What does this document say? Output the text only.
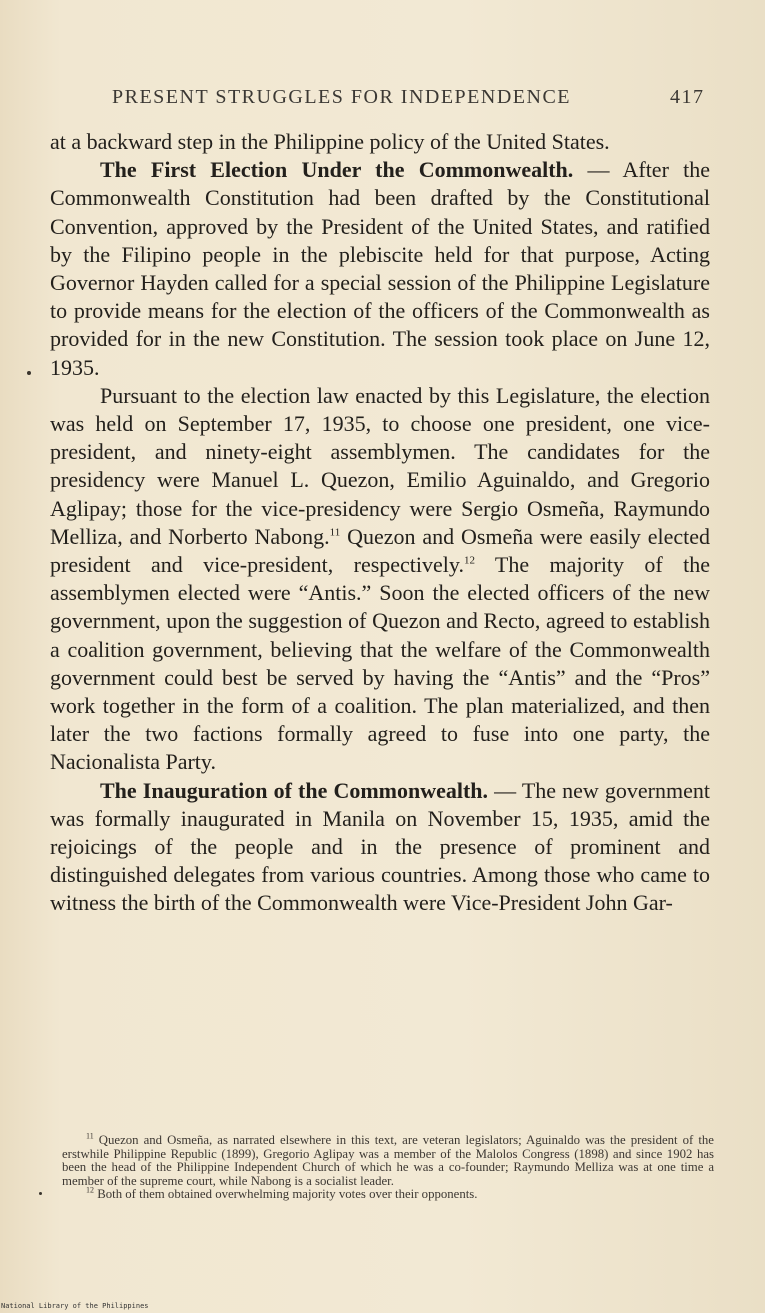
PRESENT STRUGGLES FOR INDEPENDENCE	417

at a backward step in the Philippine policy of the United States.

The First Election Under the Commonwealth. — After the Commonwealth Constitution had been drafted by the Constitutional Convention, approved by the President of the United States, and ratified by the Filipino people in the plebiscite held for that purpose, Acting Governor Hayden called for a special session of the Philippine Legislature to provide means for the election of the officers of the Commonwealth as provided for in the new Constitution. The session took place on June 12, 1935.

Pursuant to the election law enacted by this Legislature, the election was held on September 17, 1935, to choose one president, one vice-president, and ninety-eight assemblymen. The candidates for the presidency were Manuel L. Quezon, Emilio Aguinaldo, and Gregorio Aglipay; those for the vice-presidency were Sergio Osmeña, Raymundo Melliza, and Norberto Nabong.$^{11}$ Quezon and Osmeña were easily elected president and vice-president, respectively.$^{12}$ The majority of the assemblymen elected were “Antis.” Soon the elected officers of the new government, upon the suggestion of Quezon and Recto, agreed to establish a coalition government, believing that the welfare of the Commonwealth government could best be served by having the “Antis” and the “Pros” work together in the form of a coalition. The plan materialized, and then later the two factions formally agreed to fuse into one party, the Nacionalista Party.

The Inauguration of the Commonwealth. — The new government was formally inaugurated in Manila on November 15, 1935, amid the rejoicings of the people and in the presence of prominent and distinguished delegates from various countries. Among those who came to witness the birth of the Commonwealth were Vice-President John Gar-

$^{11}$ Quezon and Osmeña, as narrated elsewhere in this text, are veteran legislators; Aguinaldo was the president of the erstwhile Philippine Republic (1899), Gregorio Aglipay was a member of the Malolos Congress (1898) and since 1902 has been the head of the Philippine Independent Church of which he was a co-founder; Raymundo Melliza was at one time a member of the supreme court, while Nabong is a socialist leader.

$^{12}$ Both of them obtained overwhelming majority votes over their opponents.

National Library of the Philippines
